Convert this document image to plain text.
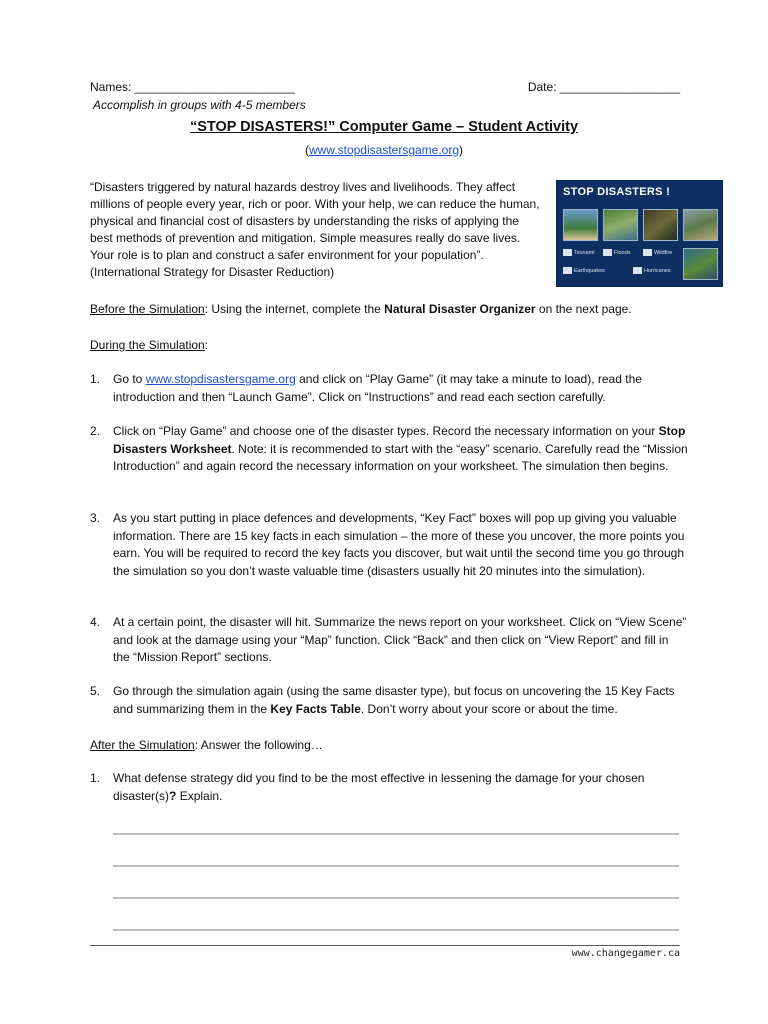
Names: ________________________	Date: __________________
Accomplish in groups with 4-5 members
“STOP DISASTERS!” Computer Game – Student Activity
(www.stopdisastersgame.org)
“Disasters triggered by natural hazards destroy lives and livelihoods. They affect millions of people every year, rich or poor. With your help, we can reduce the human, physical and financial cost of disasters by understanding the risks of applying the best methods of prevention and mitigation. Simple measures really do save lives. Your role is to plan and construct a safer environment for your population”. (International Strategy for Disaster Reduction)
STOP DISASTERS !
Tsunami	Floods	Wildfire
Earthquakes	Hurricanes
Before the Simulation: Using the internet, complete the Natural Disaster Organizer on the next page.
During the Simulation:
1.	Go to www.stopdisastersgame.org and click on “Play Game” (it may take a minute to load), read the introduction and then “Launch Game”. Click on “Instructions” and read each section carefully.
2.	Click on “Play Game” and choose one of the disaster types. Record the necessary information on your Stop Disasters Worksheet. Note: it is recommended to start with the “easy” scenario. Carefully read the “Mission Introduction” and again record the necessary information on your worksheet. The simulation then begins.
3.	As you start putting in place defences and developments, “Key Fact” boxes will pop up giving you valuable information. There are 15 key facts in each simulation – the more of these you uncover, the more points you earn. You will be required to record the key facts you discover, but wait until the second time you go through the simulation so you don’t waste valuable time (disasters usually hit 20 minutes into the simulation).
4.	At a certain point, the disaster will hit. Summarize the news report on your worksheet. Click on “View Scene” and look at the damage using your “Map” function. Click “Back” and then click on “View Report” and fill in the “Mission Report” sections.
5.	Go through the simulation again (using the same disaster type), but focus on uncovering the 15 Key Facts and summarizing them in the Key Facts Table. Don’t worry about your score or about the time.
After the Simulation: Answer the following…
1.	What defense strategy did you find to be the most effective in lessening the damage for your chosen disaster(s)? Explain.
www.changegamer.ca
